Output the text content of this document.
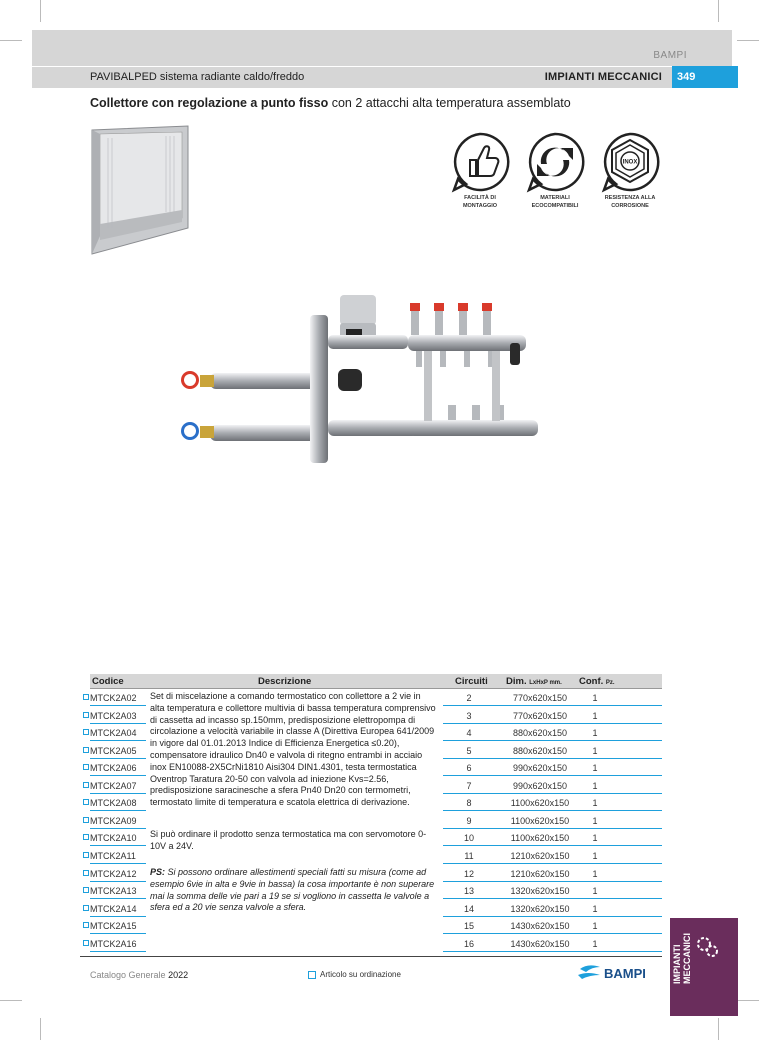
BAMPI
PAVIBALPED sistema radiante caldo/freddo	IMPIANTI MECCANICI	349
Collettore con regolazione a punto fisso con 2 attacchi alta temperatura assemblato
FACILITÀ DI
MONTAGGIO
MATERIALI
ECOCOMPATIBILI
INOX
RESISTENZA ALLA
CORROSIONE
Codice	Descrizione	Circuiti Dim. LxHxP mm. Conf. Pz.
MTCK2A02	2	770x620x150	1
MTCK2A03	3	770x620x150	1
MTCK2A04	4	880x620x150	1
MTCK2A05	5	880x620x150	1
MTCK2A06	6	990x620x150	1
MTCK2A07	7	990x620x150	1
MTCK2A08	8	1100x620x150	1
MTCK2A09	9	1100x620x150	1
MTCK2A10	10	1100x620x150	1
MTCK2A11	11	1210x620x150	1
MTCK2A12	12	1210x620x150	1
MTCK2A13	13	1320x620x150	1
MTCK2A14	14	1320x620x150	1
MTCK2A15	15	1430x620x150	1
MTCK2A16	16	1430x620x150	1
Set di miscelazione a comando termostatico con collettore a 2 vie in
alta temperatura e collettore multivia di bassa temperatura comprensivo
di cassetta ad incasso sp.150mm, predisposizione elettropompa di
circolazione a velocità variabile in classe A (Direttiva Europea 641/2009
in vigore dal 01.01.2013 Indice di Efficienza Energetica ≤0.20),
compensatore idraulico Dn40 e valvola di ritegno entrambi in acciaio
inox EN10088-2X5CrNi1810 Aisi304 DIN1.4301, testa termostatica
Oventrop Taratura 20-50 con valvola ad iniezione Kvs=2.56,
predisposizione saracinesche a sfera Pn40 Dn20 con termometri,
termostato limite di temperatura e scatola elettrica di derivazione.
Si può ordinare il prodotto senza termostatica ma con servomotore 0-
10V a 24V.
PS: Si possono ordinare allestimenti speciali fatti su misura (come ad
esempio 6vie in alta e 9vie in bassa) la cosa importante è non superare
mai la somma delle vie pari a 19 se si vogliono in cassetta le valvole a
sfera ed a 20 vie senza valvole a sfera.
Catalogo Generale 2022	Articolo su ordinazione	BAMPI	IMPIANTI MECCANICI
